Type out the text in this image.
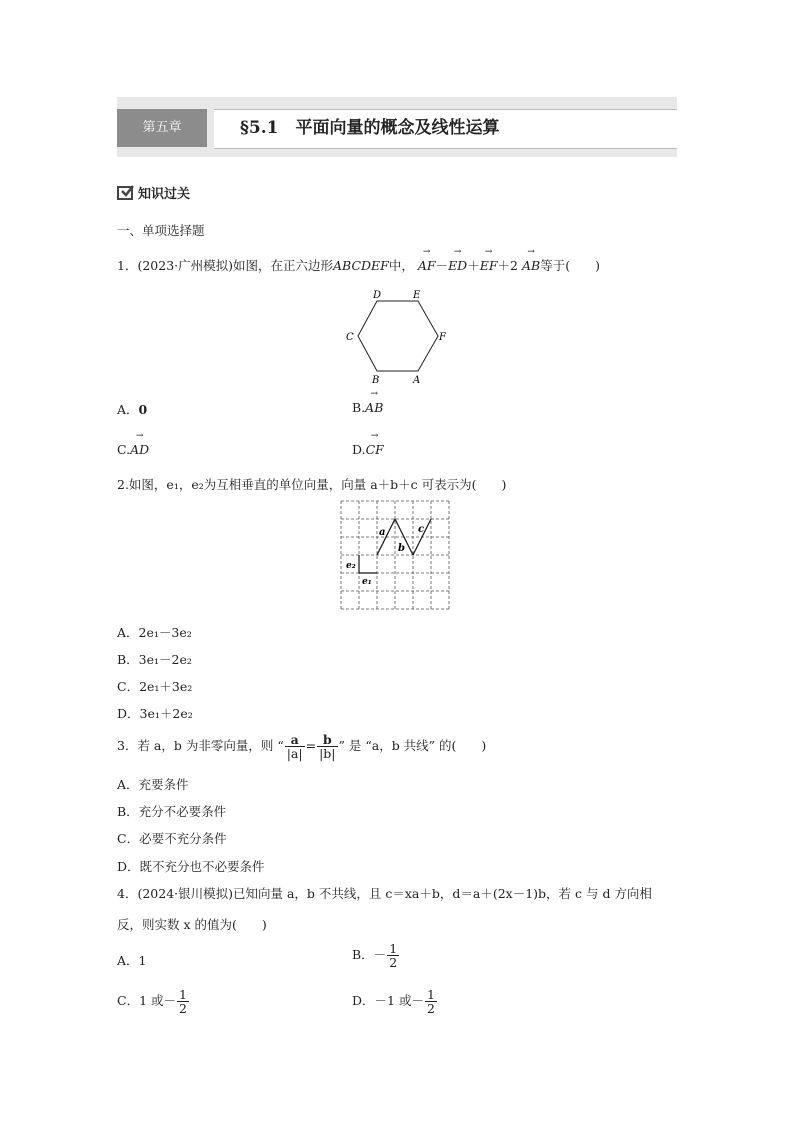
第五章	§5.1 平面向量的概念及线性运算
知识过关
一、单项选择题
1．(2023·广州模拟)如图，在正六边形ABCDEF中， → AF－→ ED＋→ EF＋2 → AB等于(  )
D	E
C	F
B	A
A．0	B.→ AB
C.→ AD	D.→ CF
2.如图，e₁，e₂为互相垂直的单位向量，向量 a＋b＋c 可表示为(  )
a
b
c
e₂
e₁
A．2e₁－3e₂
B．3e₁－2e₂
C．2e₁＋3e₂
D．3e₁＋2e₂
3．若 a，b 为非零向量，则 “ $\frac{a}{|a|} = \frac{b}{|b|}$ ” 是 “a，b 共线” 的(  )
A．充要条件
B．充分不必要条件
C．必要不充分条件
D．既不充分也不必要条件
4．(2024·银川模拟)已知向量 a，b 不共线，且 c＝xa＋b，d＝a＋(2x－1)b，若 c 与 d 方向相
反，则实数 x 的值为(  )
A．1	B．－ $\frac{1}{2}$
C．1 或－ $\frac{1}{2}$	D．－1 或－ $\frac{1}{2}$
